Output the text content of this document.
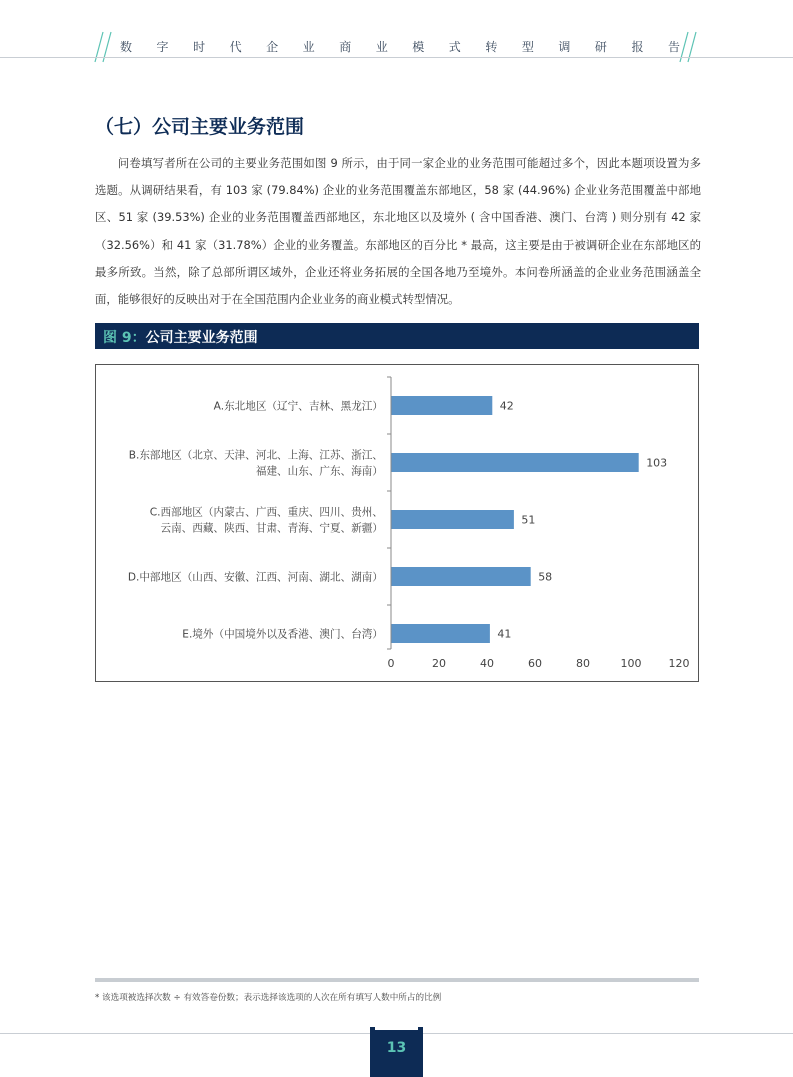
数 字 时 代 企 业 商 业 模 式 转 型 调 研 报 告
（七）公司主要业务范围

问卷填写者所在公司的主要业务范围如图 9 所示，由于同一家企业的业务范围可能超过多个，因此本题项设置为多选题。从调研结果看，有 103 家 (79.84%) 企业的业务范围覆盖东部地区，58 家 (44.96%) 企业业务范围覆盖中部地区、51 家 (39.53%) 企业的业务范围覆盖西部地区，东北地区以及境外 ( 含中国香港、澳门、台湾 ) 则分别有 42 家（32.56%）和 41 家（31.78%）企业的业务覆盖。东部地区的百分比 * 最高，这主要是由于被调研企业在东部地区的最多所致。当然，除了总部所谓区域外，企业还将业务拓展的全国各地乃至境外。本问卷所涵盖的企业业务范围涵盖全面，能够很好的反映出对于在全国范围内企业业务的商业模式转型情况。

图 9：公司主要业务范围
42
A.东北地区（辽宁、吉林、黑龙江）
103
B.东部地区（北京、天津、河北、上海、江苏、浙江、
福建、山东、广东、海南）
51
C.西部地区（内蒙古、广西、重庆、四川、贵州、
云南、西藏、陕西、甘肃、青海、宁夏、新疆）
58
D.中部地区（山西、安徽、江西、河南、湖北、湖南）
41
E.境外（中国境外以及香港、澳门、台湾）
0	20	40	60	80	100 120
* 该选项被选择次数 ÷ 有效答卷份数；表示选择该选项的人次在所有填写人数中所占的比例
13
